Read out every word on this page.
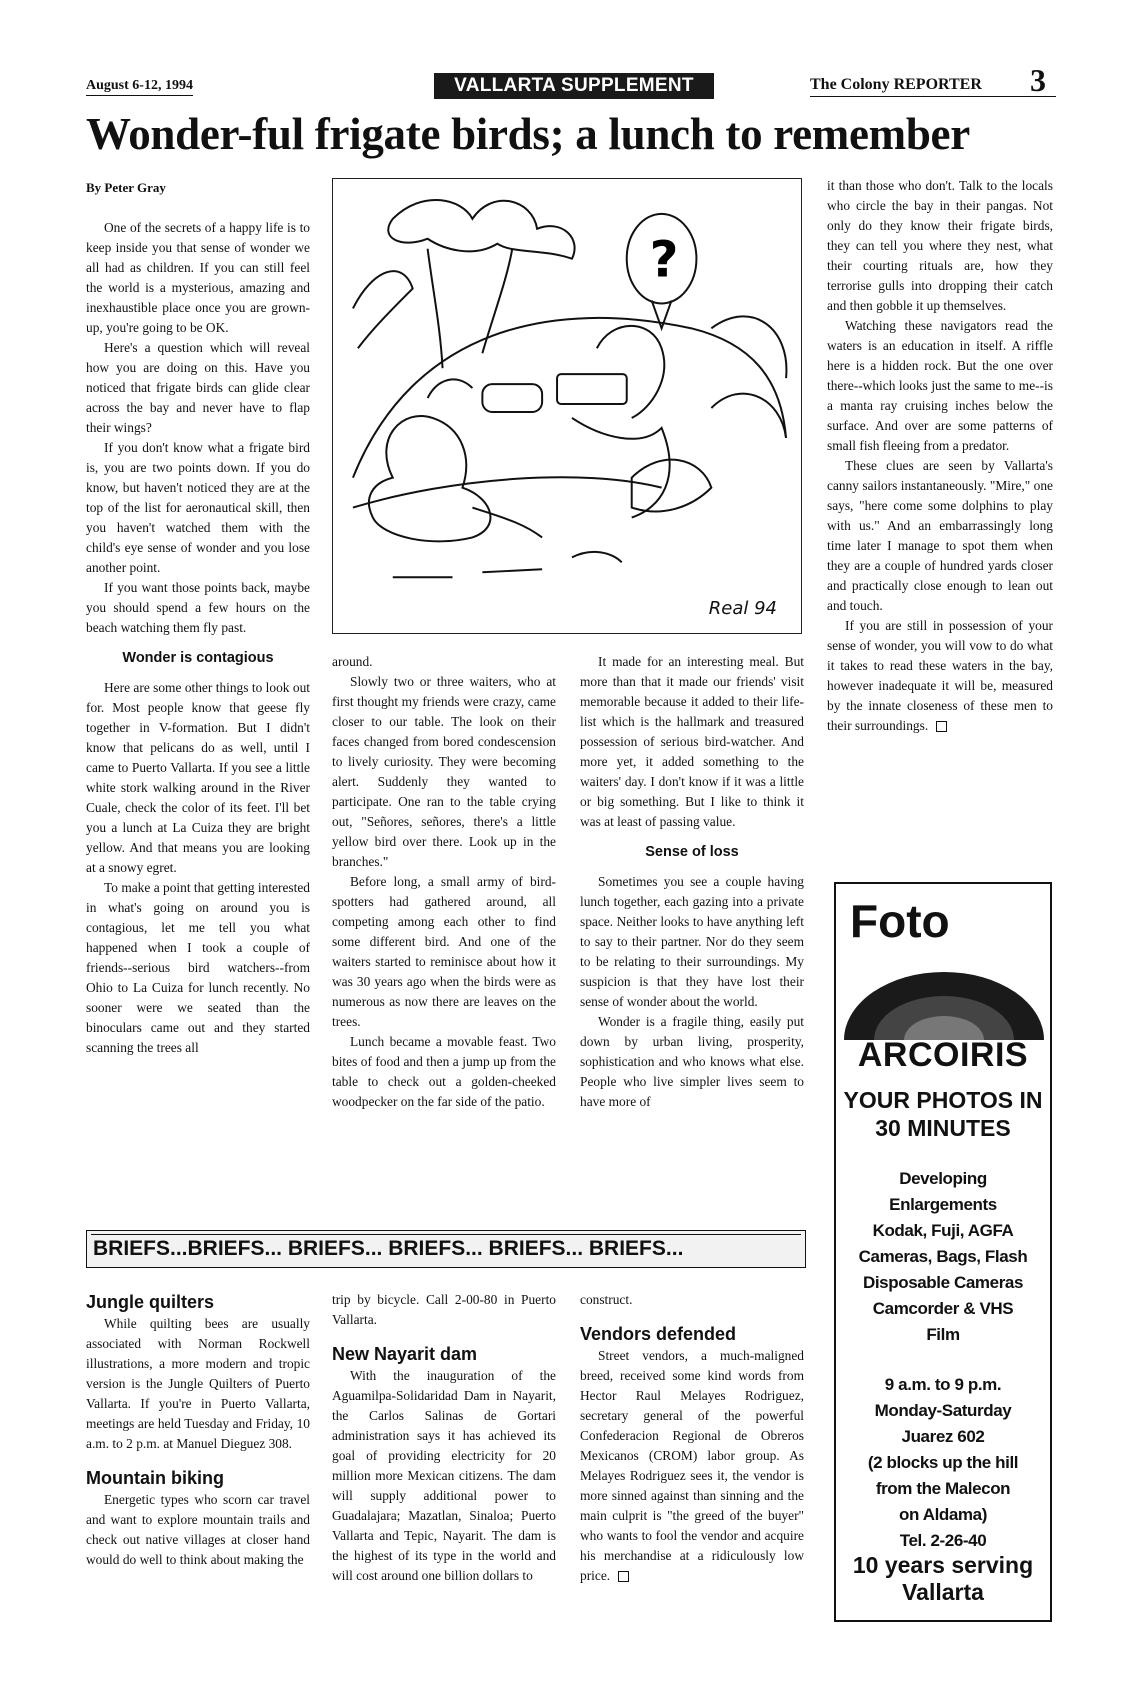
August 6-12, 1994	VALLARTA SUPPLEMENT	The Colony REPORTER 3
Wonder-ful frigate birds; a lunch to remember
By Peter Gray

One of the secrets of a happy life is to keep inside you that sense of wonder we all had as children. If you can still feel the world is a mysterious, amazing and inexhaustible place once you are grown-up, you're going to be OK.

Here's a question which will reveal how you are doing on this. Have you noticed that frigate birds can glide clear across the bay and never have to flap their wings?

If you don't know what a frigate bird is, you are two points down. If you do know, but haven't noticed they are at the top of the list for aeronautical skill, then you haven't watched them with the child's eye sense of wonder and you lose another point.

If you want those points back, maybe you should spend a few hours on the beach watching them fly past.

Wonder is contagious

Here are some other things to look out for. Most people know that geese fly together in V-formation. But I didn't know that pelicans do as well, until I came to Puerto Vallarta. If you see a little white stork walking around in the River Cuale, check the color of its feet. I'll bet you a lunch at La Cuiza they are bright yellow. And that means you are looking at a snowy egret.

To make a point that getting interested in what's going on around you is contagious, let me tell you what happened when I took a couple of friends--serious bird watchers--from Ohio to La Cuiza for lunch recently. No sooner were we seated than the binoculars came out and they started scanning the trees all

?
Real 94

around.

Slowly two or three waiters, who at first thought my friends were crazy, came closer to our table. The look on their faces changed from bored condescension to lively curiosity. They were becoming alert. Suddenly they wanted to participate. One ran to the table crying out, "Señores, señores, there's a little yellow bird over there. Look up in the branches."

Before long, a small army of bird-spotters had gathered around, all competing among each other to find some different bird. And one of the waiters started to reminisce about how it was 30 years ago when the birds were as numerous as now there are leaves on the trees.

Lunch became a movable feast. Two bites of food and then a jump up from the table to check out a golden-cheeked woodpecker on the far side of the patio.

It made for an interesting meal. But more than that it made our friends' visit memorable because it added to their life-list which is the hallmark and treasured possession of serious bird-watcher. And more yet, it added something to the waiters' day. I don't know if it was a little or big something. But I like to think it was at least of passing value.

Sense of loss

Sometimes you see a couple having lunch together, each gazing into a private space. Neither looks to have anything left to say to their partner. Nor do they seem to be relating to their surroundings. My suspicion is that they have lost their sense of wonder about the world.

Wonder is a fragile thing, easily put down by urban living, prosperity, sophistication and who knows what else. People who live simpler lives seem to have more of

it than those who don't. Talk to the locals who circle the bay in their pangas. Not only do they know their frigate birds, they can tell you where they nest, what their courting rituals are, how they terrorise gulls into dropping their catch and then gobble it up themselves.

Watching these navigators read the waters is an education in itself. A riffle here is a hidden rock. But the one over there--which looks just the same to me--is a manta ray cruising inches below the surface. And over are some patterns of small fish fleeing from a predator.

These clues are seen by Vallarta's canny sailors instantaneously. "Mire," one says, "here come some dolphins to play with us." And an embarrassingly long time later I manage to spot them when they are a couple of hundred yards closer and practically close enough to lean out and touch.

If you are still in possession of your sense of wonder, you will vow to do what it takes to read these waters in the bay, however inadequate it will be, measured by the innate closeness of these men to their surroundings.

Foto
ARCOIRIS
YOUR PHOTOS IN 30 MINUTES
Developing
Enlargements
Kodak, Fuji, AGFA
Cameras, Bags, Flash
Disposable Cameras
Camcorder & VHS
Film
9 a.m. to 9 p.m.
Monday-Saturday
Juarez 602
(2 blocks up the hill
from the Malecon
on Aldama)
Tel. 2-26-40
10 years serving Vallarta
BRIEFS...BRIEFS... BRIEFS... BRIEFS... BRIEFS... BRIEFS...
Jungle quilters

While quilting bees are usually associated with Norman Rockwell illustrations, a more modern and tropic version is the Jungle Quilters of Puerto Vallarta. If you're in Puerto Vallarta, meetings are held Tuesday and Friday, 10 a.m. to 2 p.m. at Manuel Dieguez 308.

Mountain biking

Energetic types who scorn car travel and want to explore mountain trails and check out native villages at closer hand would do well to think about making the

trip by bicycle. Call 2-00-80 in Puerto Vallarta.

New Nayarit dam

With the inauguration of the Aguamilpa-Solidaridad Dam in Nayarit, the Carlos Salinas de Gortari administration says it has achieved its goal of providing electricity for 20 million more Mexican citizens. The dam will supply additional power to Guadalajara; Mazatlan, Sinaloa; Puerto Vallarta and Tepic, Nayarit. The dam is the highest of its type in the world and will cost around one billion dollars to

construct.

Vendors defended

Street vendors, a much-maligned breed, received some kind words from Hector Raul Melayes Rodriguez, secretary general of the powerful Confederacion Regional de Obreros Mexicanos (CROM) labor group. As Melayes Rodriguez sees it, the vendor is more sinned against than sinning and the main culprit is "the greed of the buyer" who wants to fool the vendor and acquire his merchandise at a ridiculously low price.
